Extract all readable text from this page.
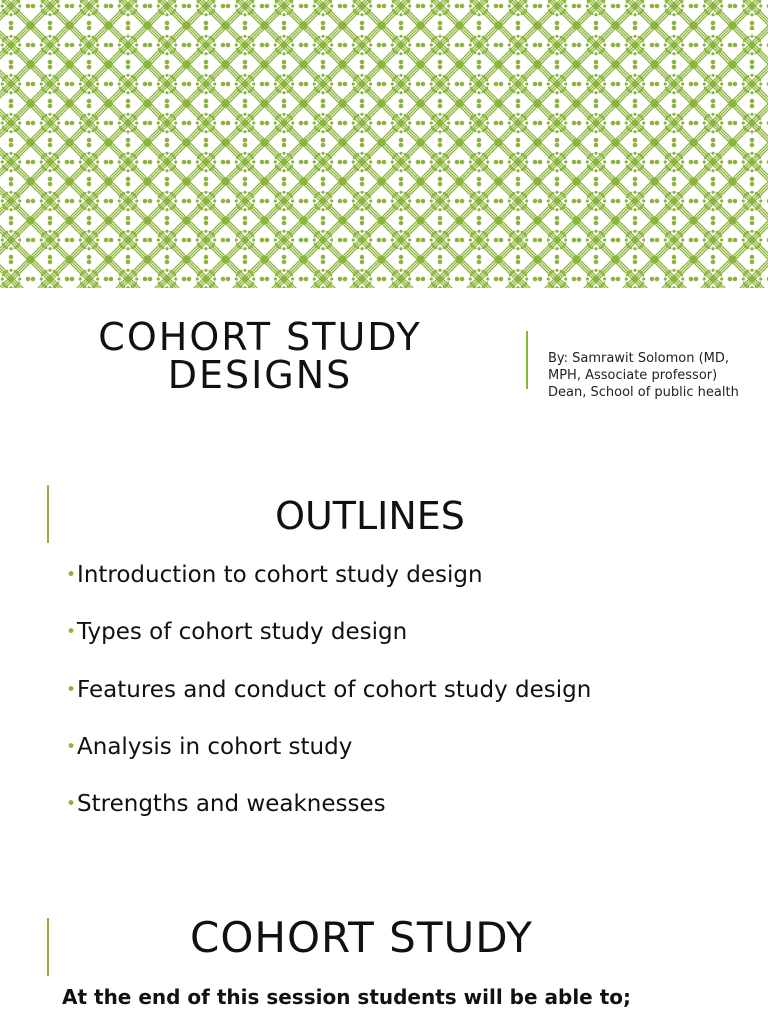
COHORT STUDY DESIGNS	By: Samrawit Solomon (MD,
MPH, Associate professor)
Dean, School of public health
OUTLINES
• Introduction to cohort study design
• Types of cohort study design
• Features and conduct of cohort study design
• Analysis in cohort study
• Strengths and weaknesses
COHORT STUDY
At the end of this session students will be able to;
